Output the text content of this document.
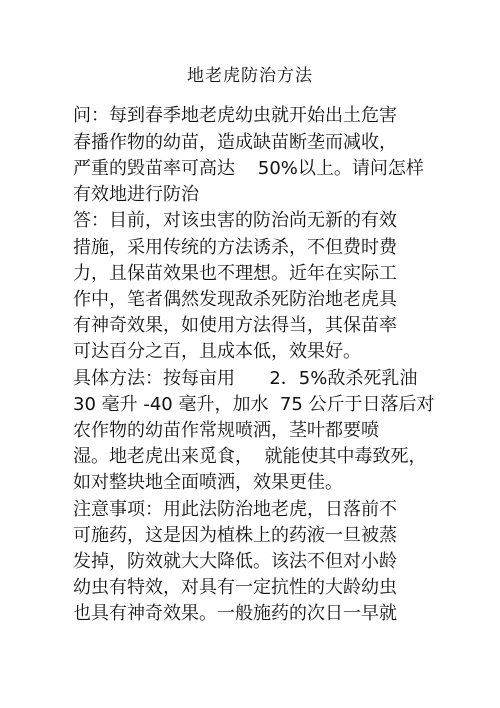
地老虎防治方法
问：每到春季地老虎幼虫就开始出土危害
春播作物的幼苗，造成缺苗断垄而减收，
严重的毁苗率可高达    50%以上。请问怎样
有效地进行防治
答：目前，对该虫害的防治尚无新的有效
措施，采用传统的方法诱杀，不但费时费
力，且保苗效果也不理想。近年在实际工
作中，笔者偶然发现敌杀死防治地老虎具
有神奇效果，如使用方法得当，其保苗率
可达百分之百，且成本低，效果好。
具体方法：按每亩用      2．5%敌杀死乳油
30 毫升 -40 毫升，加水  75 公斤于日落后对
农作物的幼苗作常规喷洒，茎叶都要喷
湿。地老虎出来觅食，  就能使其中毒致死，
如对整块地全面喷洒，效果更佳。
注意事项：用此法防治地老虎，日落前不
可施药，这是因为植株上的药液一旦被蒸
发掉，防效就大大降低。该法不但对小龄
幼虫有特效，对具有一定抗性的大龄幼虫
也具有神奇效果。一般施药的次日一早就
